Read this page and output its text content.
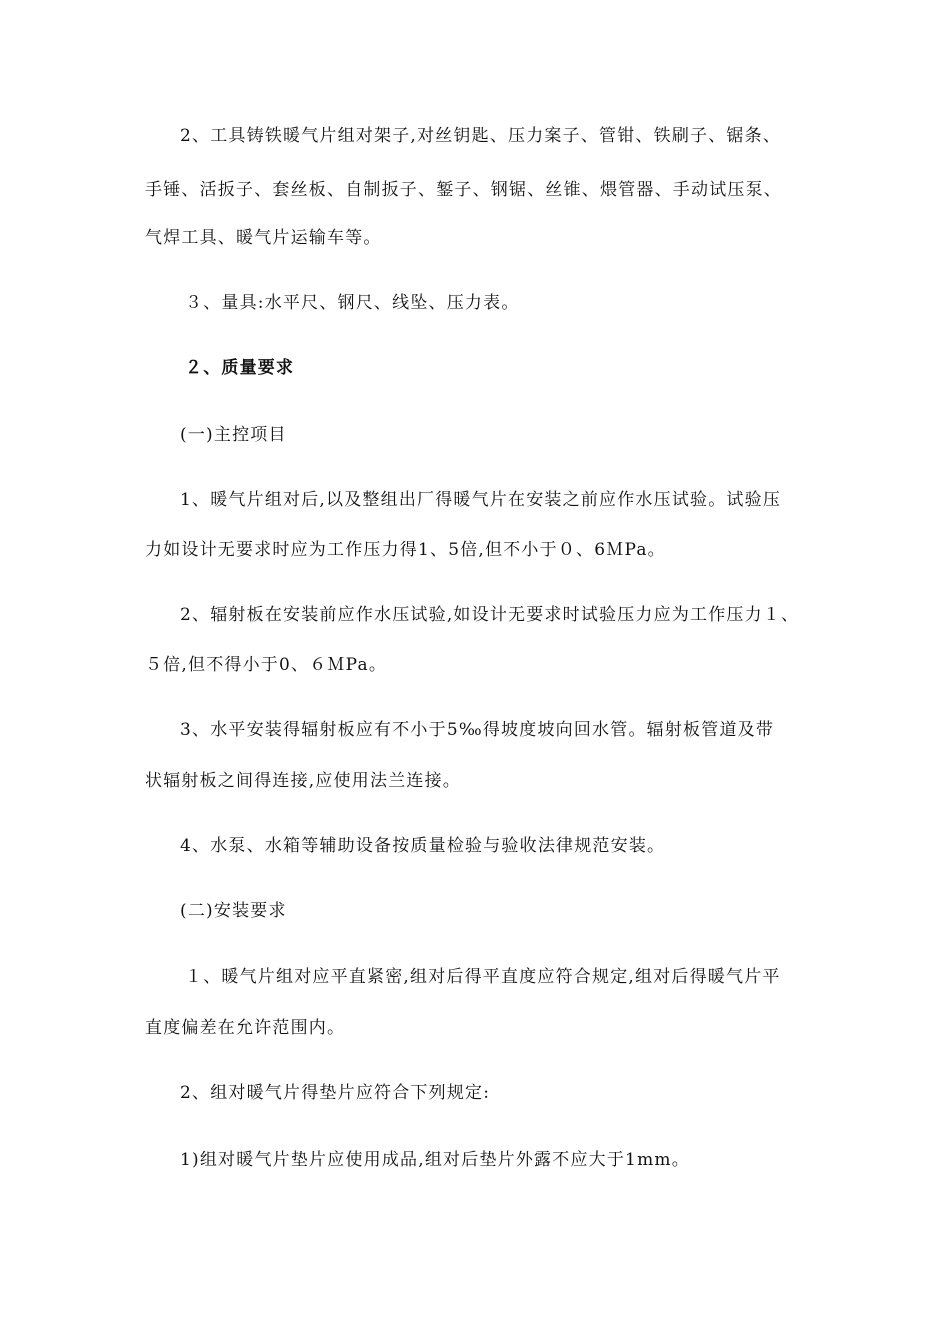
2、工具铸铁暖气片组对架子,对丝钥匙、压力案子、管钳、铁刷子、锯条、
手锤、活扳子、套丝板、自制扳子、錾子、钢锯、丝锥、煨管器、手动试压泵、
气焊工具、暖气片运输车等。
３、量具:水平尺、钢尺、线坠、压力表。
２、质量要求
(一)主控项目
1、暖气片组对后,以及整组出厂得暖气片在安装之前应作水压试验。试验压
力如设计无要求时应为工作压力得1、5倍,但不小于０、6ＭPa。
2、辐射板在安装前应作水压试验,如设计无要求时试验压力应为工作压力１、
５倍,但不得小于0、６ＭPa。
3、水平安装得辐射板应有不小于5‰得坡度坡向回水管。辐射板管道及带
状辐射板之间得连接,应使用法兰连接。
4、水泵、水箱等辅助设备按质量检验与验收法律规范安装。
(二)安装要求
１、暖气片组对应平直紧密,组对后得平直度应符合规定,组对后得暖气片平
直度偏差在允许范围内。
2、组对暖气片得垫片应符合下列规定:
1)组对暖气片垫片应使用成品,组对后垫片外露不应大于1mm。
